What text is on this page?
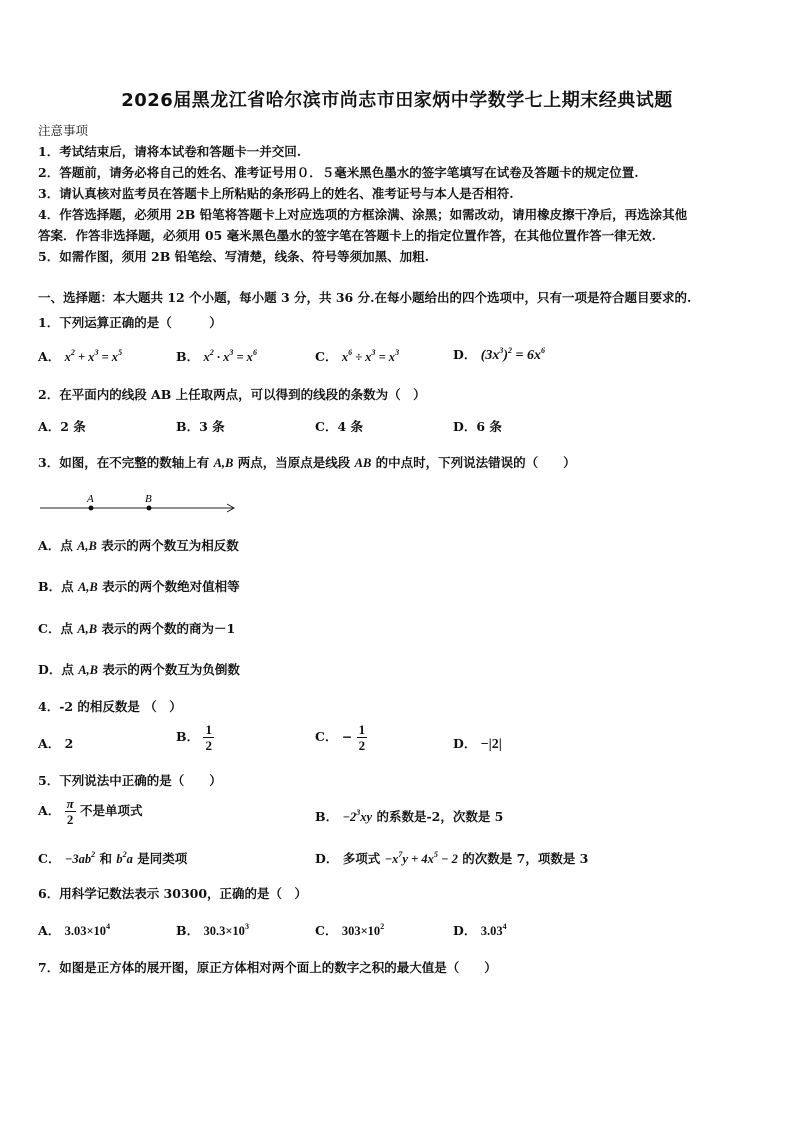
2026届黑龙江省哈尔滨市尚志市田家炳中学数学七上期末经典试题
注意事项
1．考试结束后，请将本试卷和答题卡一并交回.
2．答题前，请务必将自己的姓名、准考证号用０．５毫米黑色墨水的签字笔填写在试卷及答题卡的规定位置.
3．请认真核对监考员在答题卡上所粘贴的条形码上的姓名、准考证号与本人是否相符.
4．作答选择题，必须用 2B 铅笔将答题卡上对应选项的方框涂满、涂黑；如需改动，请用橡皮擦干净后，再选涂其他
答案．作答非选择题，必须用 05 毫米黑色墨水的签字笔在答题卡上的指定位置作答，在其他位置作答一律无效.
5．如需作图，须用 2B 铅笔绘、写清楚，线条、符号等须加黑、加粗.
一、选择题：本大题共 12 个小题，每小题 3 分，共 36 分.在每小题给出的四个选项中，只有一项是符合题目要求的.
1．下列运算正确的是（　　　）
A． $x^2 + x^3 = x^5$	B． $x^2 \cdot x^3 = x^6$	C． $x^6 \div x^3 = x^3$	D． $(3x^3)^2 = 6x^6$
2．在平面内的线段 AB 上任取两点，可以得到的线段的条数为（　）
A．2 条	B．3 条	C．4 条	D．6 条
3．如图，在不完整的数轴上有 A,B 两点，当原点是线段 AB 的中点时，下列说法错误的（　　）
A	B
A．点 A,B 表示的两个数互为相反数
B．点 A,B 表示的两个数绝对值相等
C．点 A,B 表示的两个数的商为－1
D．点 A,B 表示的两个数互为负倒数
4．-2 的相反数是 （　）
A． 2	B． $\frac{1}{2}$	C． − $\frac{1}{2}$	D． −|2|
5．下列说法中正确的是（　　）
A． $\frac{\pi}{2}$ 不是单项式	B． $-2^3xy$ 的系数是-2，次数是 5
C． $-3ab^2$ 和 $b^2a$ 是同类项	D． 多项式 $-x^7y + 4x^5 - 2$ 的次数是 7，项数是 3
6．用科学记数法表示 30300，正确的是（　）
A． $3.03\times 10^4$	B． $30.3\times 10^3$	C． $303\times 10^2$	D． 3.03$^4$
7．如图是正方体的展开图，原正方体相对两个面上的数字之积的最大值是（　　）
